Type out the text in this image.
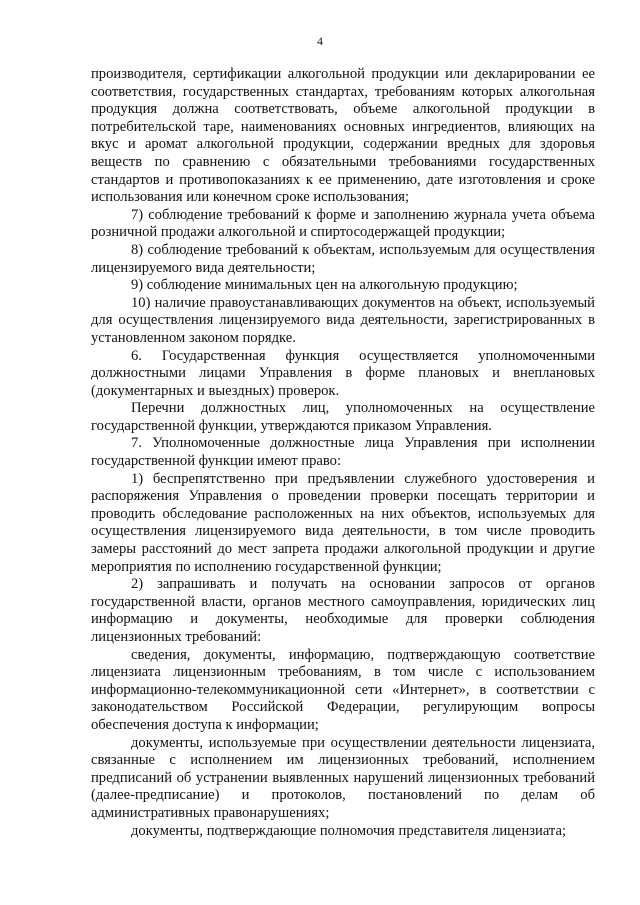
4

производителя, сертификации алкогольной продукции или декларировании ее соответствия, государственных стандартах, требованиям которых алкогольная продукция должна соответствовать, объеме алкогольной продукции в потребительской таре, наименованиях основных ингредиентов, влияющих на вкус и аромат алкогольной продукции, содержании вредных для здоровья веществ по сравнению с обязательными требованиями государственных стандартов и противопоказаниях к ее применению, дате изготовления и сроке использования или конечном сроке использования;

7) соблюдение требований к форме и заполнению журнала учета объема розничной продажи алкогольной и спиртосодержащей продукции;

8) соблюдение требований к объектам, используемым для осуществления лицензируемого вида деятельности;

9) соблюдение минимальных цен на алкогольную продукцию;

10) наличие правоустанавливающих документов на объект, используемый для осуществления лицензируемого вида деятельности, зарегистрированных в установленном законом порядке.

6. Государственная функция осуществляется уполномоченными должностными лицами Управления в форме плановых и внеплановых (документарных и выездных) проверок.

Перечни должностных лиц, уполномоченных на осуществление государственной функции, утверждаются приказом Управления.

7. Уполномоченные должностные лица Управления при исполнении государственной функции имеют право:

1) беспрепятственно при предъявлении служебного удостоверения и распоряжения Управления о проведении проверки посещать территории и проводить обследование расположенных на них объектов, используемых для осуществления лицензируемого вида деятельности, в том числе проводить замеры расстояний до мест запрета продажи алкогольной продукции и другие мероприятия по исполнению государственной функции;

2) запрашивать и получать на основании запросов от органов государственной власти, органов местного самоуправления, юридических лиц информацию и документы, необходимые для проверки соблюдения лицензионных требований:

сведения, документы, информацию, подтверждающую соответствие лицензиата лицензионным требованиям, в том числе с использованием информационно-телекоммуникационной сети «Интернет», в соответствии с законодательством Российской Федерации, регулирующим вопросы обеспечения доступа к информации;

документы, используемые при осуществлении деятельности лицензиата, связанные с исполнением им лицензионных требований, исполнением предписаний об устранении выявленных нарушений лицензионных требований (далее-предписание) и протоколов, постановлений по делам об административных правонарушениях;

документы, подтверждающие полномочия представителя лицензиата;
